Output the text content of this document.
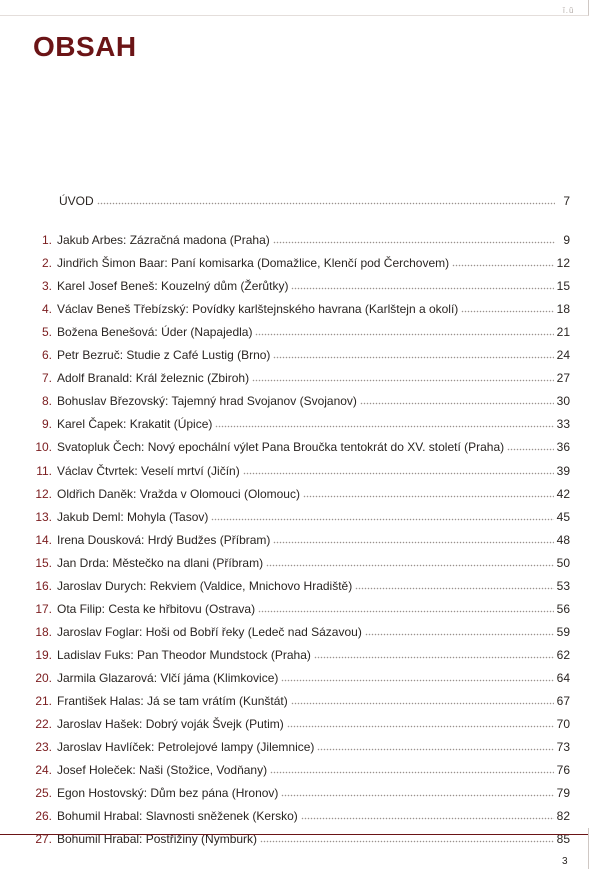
ǐ.ǔ
OBSAH
ÚVOD	7
1. Jakub Arbes: Zázračná madona (Praha)	9
2. Jindřich Šimon Baar: Paní komisarka (Domažlice, Klenčí pod Čerchovem)	12
3. Karel Josef Beneš: Kouzelný dům (Žerůtky)	15
4. Václav Beneš Třebízský: Povídky karlštejnského havrana (Karlštejn a okolí)	18
5. Božena Benešová: Úder (Napajedla)	21
6. Petr Bezruč: Studie z Café Lustig (Brno)	24
7. Adolf Branald: Král železnic (Zbiroh)	27
8. Bohuslav Březovský: Tajemný hrad Svojanov (Svojanov)	30
9. Karel Čapek: Krakatit (Úpice)	33
10. Svatopluk Čech: Nový epochální výlet Pana Broučka tentokrát do XV. století (Praha)	36
11. Václav Čtvrtek: Veselí mrtví (Jičín)	39
12. Oldřich Daněk: Vražda v Olomouci (Olomouc)	42
13. Jakub Deml: Mohyla (Tasov)	45
14. Irena Dousková: Hrdý Budžes (Příbram)	48
15. Jan Drda: Městečko na dlani (Příbram)	50
16. Jaroslav Durych: Rekviem (Valdice, Mnichovo Hradiště)	53
17. Ota Filip: Cesta ke hřbitovu (Ostrava)	56
18. Jaroslav Foglar: Hoši od Bobří řeky (Ledeč nad Sázavou)	59
19. Ladislav Fuks: Pan Theodor Mundstock (Praha)	62
20. Jarmila Glazarová: Vlčí jáma (Klimkovice)	64
21. František Halas: Já se tam vrátím (Kunštát)	67
22. Jaroslav Hašek: Dobrý voják Švejk (Putim)	70
23. Jaroslav Havlíček: Petrolejové lampy (Jilemnice)	73
24. Josef Holeček: Naši (Stožice, Vodňany)	76
25. Egon Hostovský: Dům bez pána (Hronov)	79
26. Bohumil Hrabal: Slavnosti sněženek (Kersko)	82
27. Bohumil Hrabal: Postřižiny (Nymburk)	85
3
